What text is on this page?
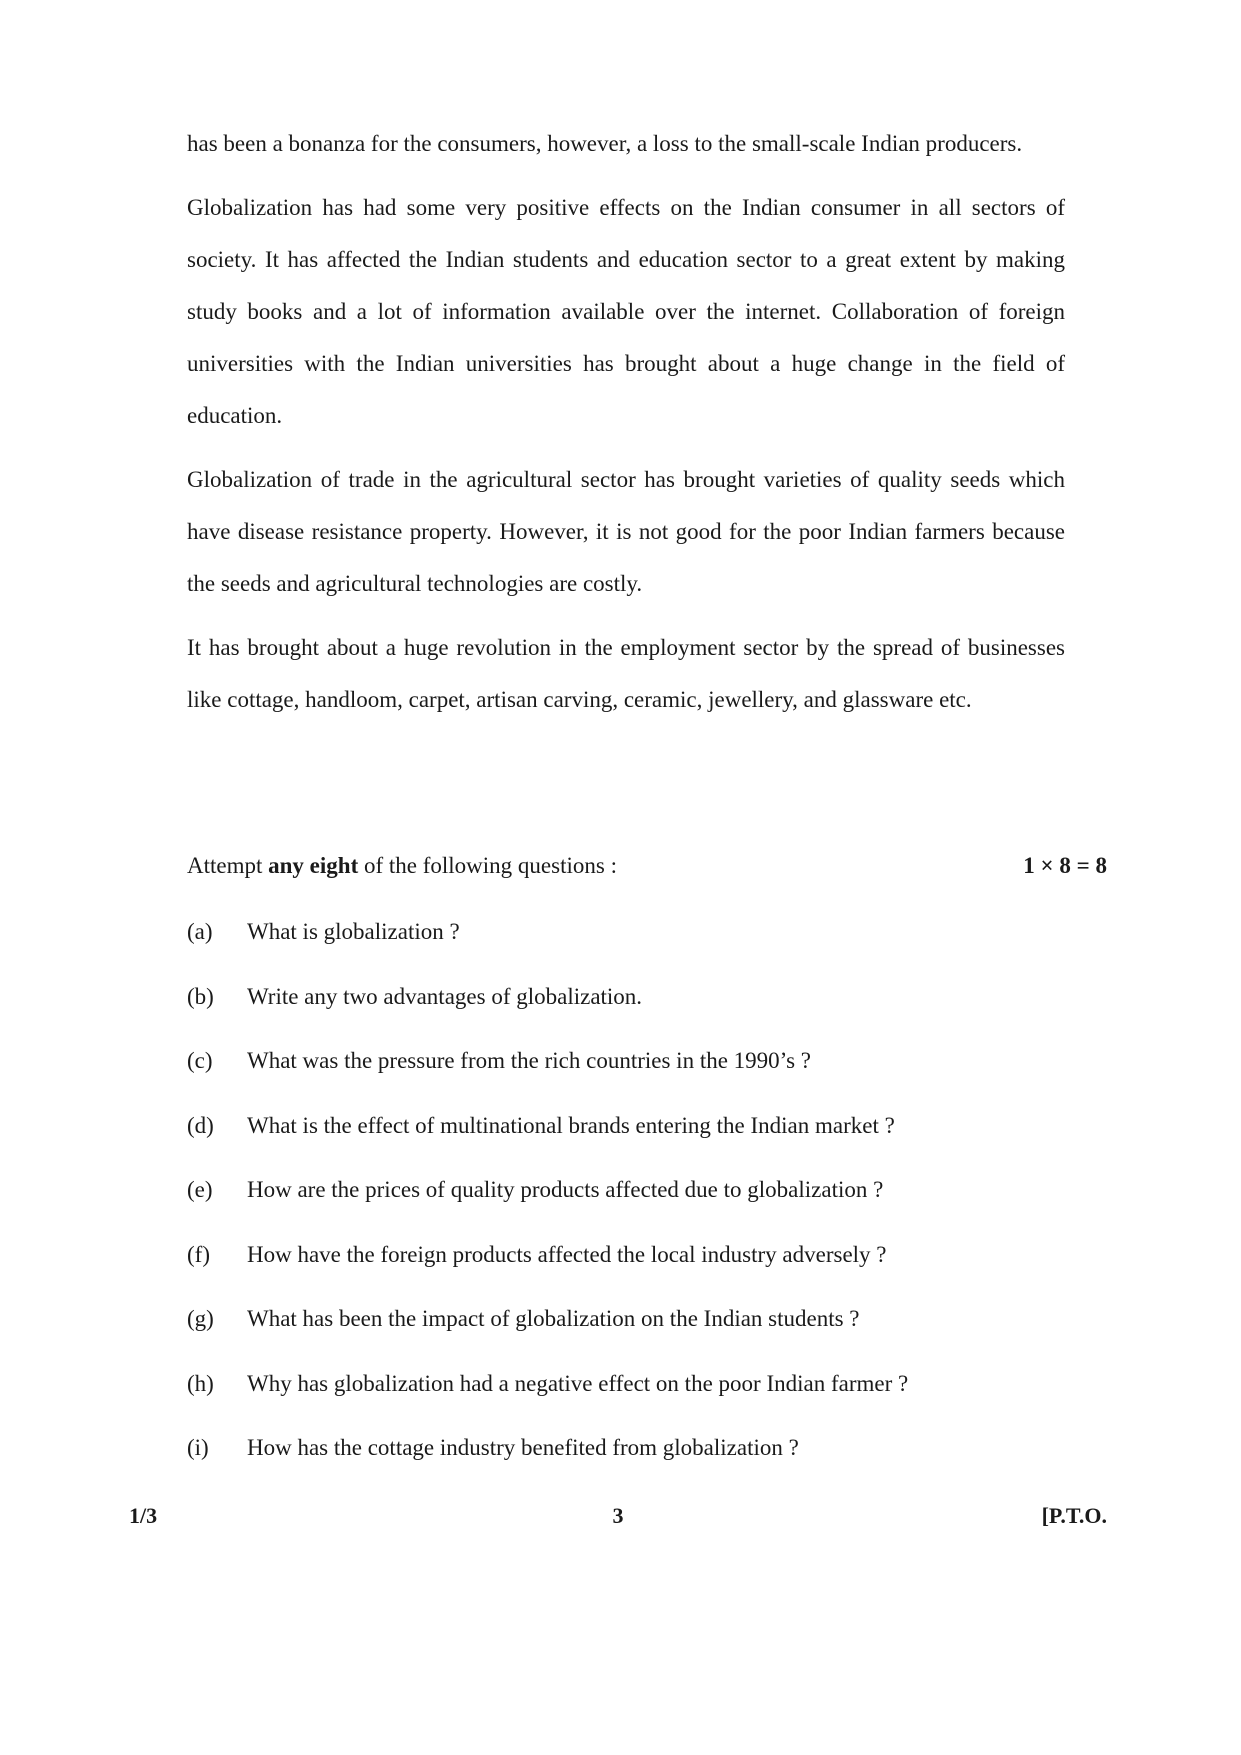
has been a bonanza for the consumers, however, a loss to the small-scale Indian producers.

Globalization has had some very positive effects on the Indian consumer in all sectors of society. It has affected the Indian students and education sector to a great extent by making study books and a lot of information available over the internet. Collaboration of foreign universities with the Indian universities has brought about a huge change in the field of education.

Globalization of trade in the agricultural sector has brought varieties of quality seeds which have disease resistance property. However, it is not good for the poor Indian farmers because the seeds and agricultural technologies are costly.

It has brought about a huge revolution in the employment sector by the spread of businesses like cottage, handloom, carpet, artisan carving, ceramic, jewellery, and glassware etc.

Attempt any eight of the following questions :	1 × 8 = 8
(a)	What is globalization ?
(b)	Write any two advantages of globalization.
(c)	What was the pressure from the rich countries in the 1990’s ?
(d)	What is the effect of multinational brands entering the Indian market ?
(e)	How are the prices of quality products affected due to globalization ?
(f)	How have the foreign products affected the local industry adversely ?
(g)	What has been the impact of globalization on the Indian students ?
(h)	Why has globalization had a negative effect on the poor Indian farmer ?
(i)	How has the cottage industry benefited from globalization ?
1/3	3	[P.T.O.
